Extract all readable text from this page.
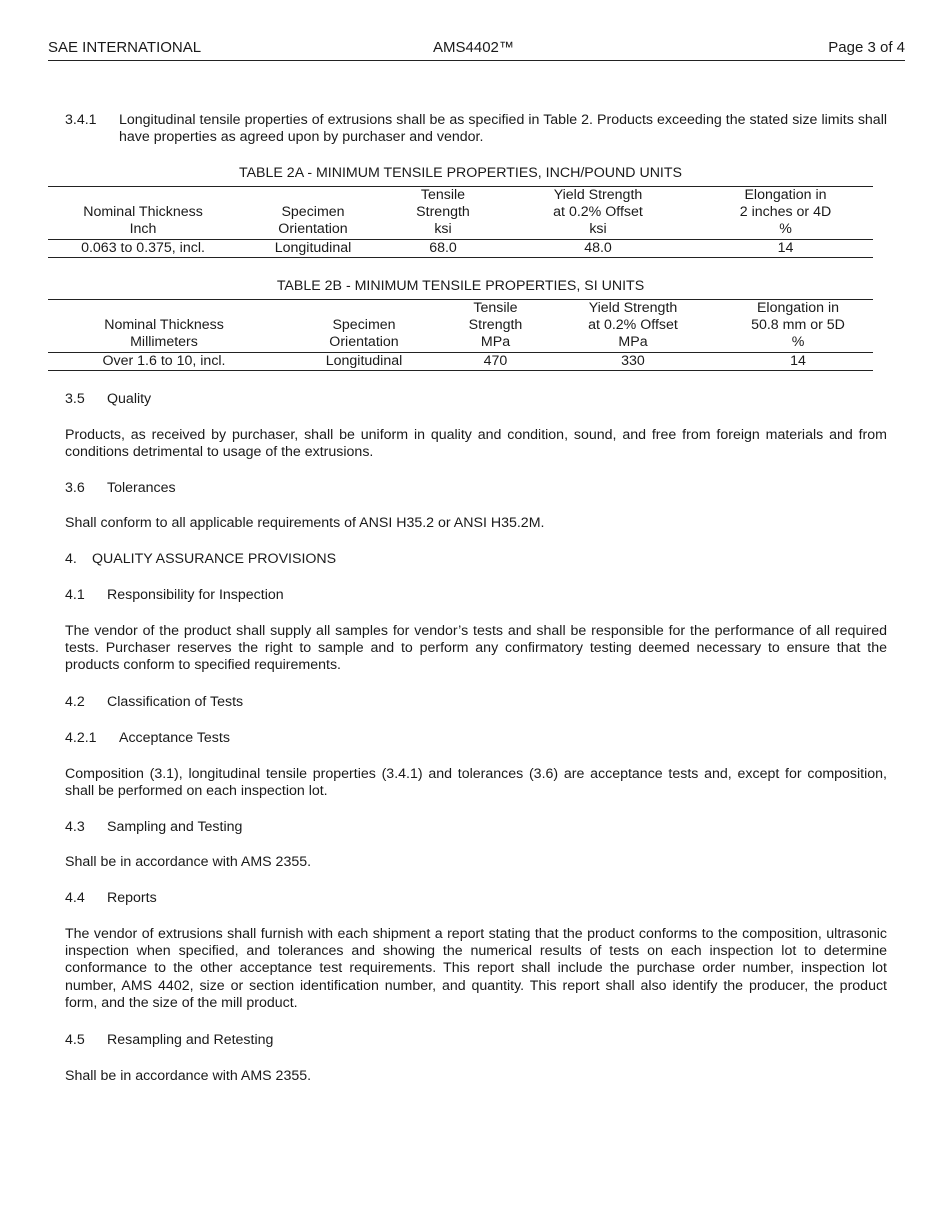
SAE INTERNATIONAL	AMS4402™	Page 3 of 4
3.4.1 Longitudinal tensile properties of extrusions shall be as specified in Table 2. Products exceeding the stated size limits shall have properties as agreed upon by purchaser and vendor.
TABLE 2A - MINIMUM TENSILE PROPERTIES, INCH/POUND UNITS
		Tensile	Yield Strength	Elongation in
Nominal Thickness	Specimen	Strength	at 0.2% Offset	2 inches or 4D
Inch	Orientation	ksi	ksi	%
0.063 to 0.375, incl.	Longitudinal	68.0	48.0	14
TABLE 2B - MINIMUM TENSILE PROPERTIES, SI UNITS
		Tensile	Yield Strength	Elongation in
Nominal Thickness	Specimen	Strength	at 0.2% Offset	50.8 mm or 5D
Millimeters	Orientation	MPa	MPa	%
Over 1.6 to 10, incl.	Longitudinal	470	330	14
3.5 Quality

Products, as received by purchaser, shall be uniform in quality and condition, sound, and free from foreign materials and from conditions detrimental to usage of the extrusions.

3.6 Tolerances

Shall conform to all applicable requirements of ANSI H35.2 or ANSI H35.2M.

4. QUALITY ASSURANCE PROVISIONS
4.1 Responsibility for Inspection

The vendor of the product shall supply all samples for vendor’s tests and shall be responsible for the performance of all required tests. Purchaser reserves the right to sample and to perform any confirmatory testing deemed necessary to ensure that the products conform to specified requirements.

4.2 Classification of Tests
4.2.1 Acceptance Tests

Composition (3.1), longitudinal tensile properties (3.4.1) and tolerances (3.6) are acceptance tests and, except for composition, shall be performed on each inspection lot.

4.3 Sampling and Testing

Shall be in accordance with AMS 2355.

4.4 Reports

The vendor of extrusions shall furnish with each shipment a report stating that the product conforms to the composition, ultrasonic inspection when specified, and tolerances and showing the numerical results of tests on each inspection lot to determine conformance to the other acceptance test requirements. This report shall include the purchase order number, inspection lot number, AMS 4402, size or section identification number, and quantity. This report shall also identify the producer, the product form, and the size of the mill product.

4.5 Resampling and Retesting

Shall be in accordance with AMS 2355.
